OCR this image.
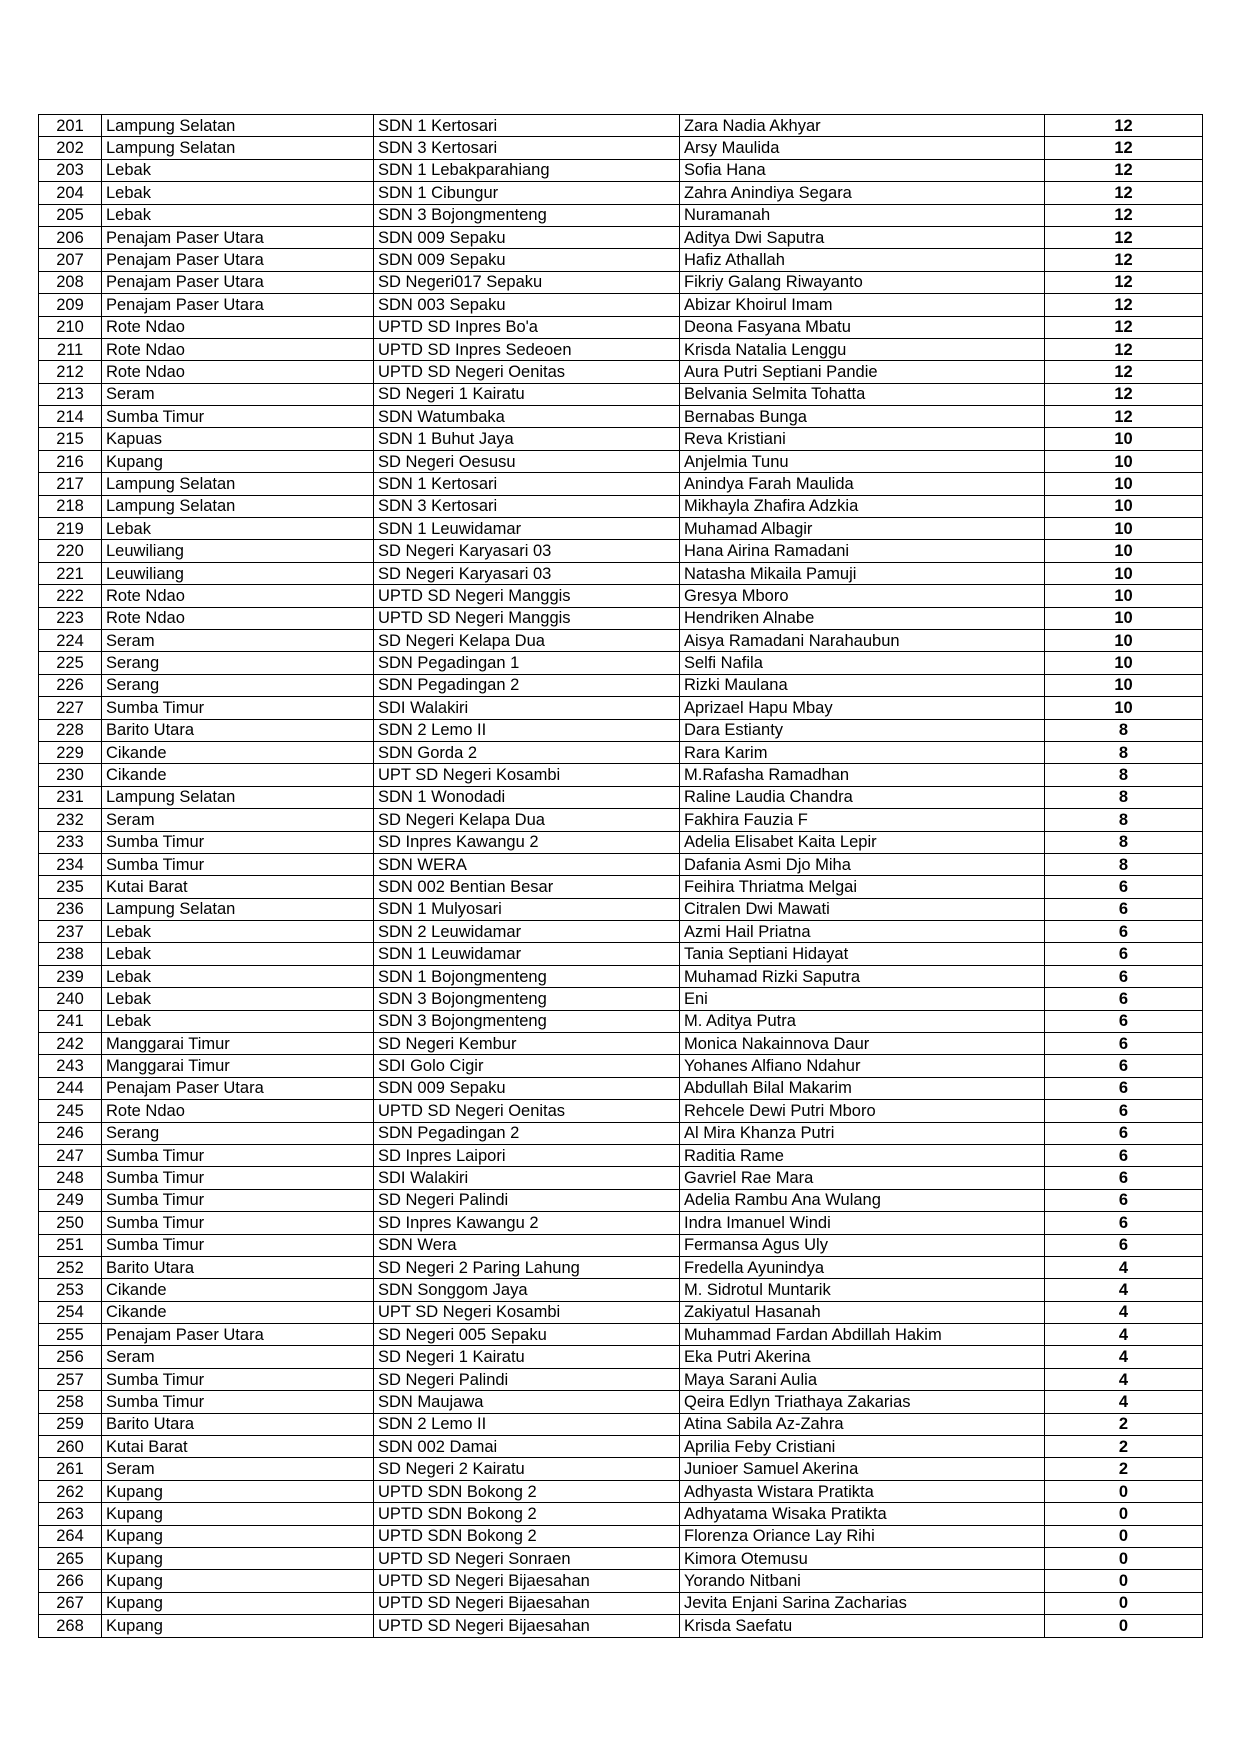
201	Lampung Selatan	SDN 1 Kertosari	Zara Nadia Akhyar	12
202	Lampung Selatan	SDN 3 Kertosari	Arsy Maulida	12
203	Lebak	SDN 1 Lebakparahiang	Sofia Hana	12
204	Lebak	SDN 1 Cibungur	Zahra Anindiya Segara	12
205	Lebak	SDN 3 Bojongmenteng	Nuramanah	12
206	Penajam Paser Utara	SDN 009 Sepaku	Aditya Dwi Saputra	12
207	Penajam Paser Utara	SDN 009 Sepaku	Hafiz Athallah	12
208	Penajam Paser Utara	SD Negeri017 Sepaku	Fikriy Galang Riwayanto	12
209	Penajam Paser Utara	SDN 003 Sepaku	Abizar Khoirul Imam	12
210	Rote Ndao	UPTD SD Inpres Bo'a	Deona Fasyana Mbatu	12
211	Rote Ndao	UPTD SD Inpres Sedeoen	Krisda Natalia Lenggu	12
212	Rote Ndao	UPTD SD Negeri Oenitas	Aura Putri Septiani Pandie	12
213	Seram	SD Negeri 1 Kairatu	Belvania Selmita Tohatta	12
214	Sumba Timur	SDN Watumbaka	Bernabas Bunga	12
215	Kapuas	SDN 1 Buhut Jaya	Reva Kristiani	10
216	Kupang	SD Negeri Oesusu	Anjelmia Tunu	10
217	Lampung Selatan	SDN 1 Kertosari	Anindya Farah Maulida	10
218	Lampung Selatan	SDN 3 Kertosari	Mikhayla Zhafira Adzkia	10
219	Lebak	SDN 1 Leuwidamar	Muhamad Albagir	10
220	Leuwiliang	SD Negeri Karyasari 03	Hana Airina Ramadani	10
221	Leuwiliang	SD Negeri Karyasari 03	Natasha Mikaila Pamuji	10
222	Rote Ndao	UPTD SD Negeri Manggis	Gresya Mboro	10
223	Rote Ndao	UPTD SD Negeri Manggis	Hendriken Alnabe	10
224	Seram	SD Negeri Kelapa Dua	Aisya Ramadani Narahaubun	10
225	Serang	SDN Pegadingan 1	Selfi Nafila	10
226	Serang	SDN Pegadingan 2	Rizki Maulana	10
227	Sumba Timur	SDI Walakiri	Aprizael Hapu Mbay	10
228	Barito Utara	SDN 2 Lemo II	Dara Estianty	8
229	Cikande	SDN Gorda 2	Rara Karim	8
230	Cikande	UPT SD Negeri Kosambi	M.Rafasha Ramadhan	8
231	Lampung Selatan	SDN 1 Wonodadi	Raline Laudia Chandra	8
232	Seram	SD Negeri Kelapa Dua	Fakhira Fauzia F	8
233	Sumba Timur	SD Inpres Kawangu 2	Adelia Elisabet Kaita Lepir	8
234	Sumba Timur	SDN WERA	Dafania Asmi Djo Miha	8
235	Kutai Barat	SDN 002 Bentian Besar	Feihira Thriatma Melgai	6
236	Lampung Selatan	SDN 1 Mulyosari	Citralen Dwi Mawati	6
237	Lebak	SDN 2 Leuwidamar	Azmi Hail Priatna	6
238	Lebak	SDN 1 Leuwidamar	Tania Septiani Hidayat	6
239	Lebak	SDN 1 Bojongmenteng	Muhamad Rizki Saputra	6
240	Lebak	SDN 3 Bojongmenteng	Eni	6
241	Lebak	SDN 3 Bojongmenteng	M. Aditya Putra	6
242	Manggarai Timur	SD Negeri Kembur	Monica Nakainnova Daur	6
243	Manggarai Timur	SDI Golo Cigir	Yohanes Alfiano Ndahur	6
244	Penajam Paser Utara	SDN 009 Sepaku	Abdullah Bilal Makarim	6
245	Rote Ndao	UPTD SD Negeri Oenitas	Rehcele Dewi Putri Mboro	6
246	Serang	SDN Pegadingan 2	Al Mira Khanza Putri	6
247	Sumba Timur	SD Inpres Laipori	Raditia Rame	6
248	Sumba Timur	SDI Walakiri	Gavriel Rae Mara	6
249	Sumba Timur	SD Negeri Palindi	Adelia Rambu Ana Wulang	6
250	Sumba Timur	SD Inpres Kawangu 2	Indra Imanuel Windi	6
251	Sumba Timur	SDN Wera	Fermansa Agus Uly	6
252	Barito Utara	SD Negeri 2 Paring Lahung	Fredella Ayunindya	4
253	Cikande	SDN Songgom Jaya	M. Sidrotul Muntarik	4
254	Cikande	UPT SD Negeri Kosambi	Zakiyatul Hasanah	4
255	Penajam Paser Utara	SD Negeri 005 Sepaku	Muhammad Fardan Abdillah Hakim	4
256	Seram	SD Negeri 1 Kairatu	Eka Putri Akerina	4
257	Sumba Timur	SD Negeri Palindi	Maya Sarani Aulia	4
258	Sumba Timur	SDN Maujawa	Qeira Edlyn Triathaya Zakarias	4
259	Barito Utara	SDN 2 Lemo II	Atina Sabila Az-Zahra	2
260	Kutai Barat	SDN 002 Damai	Aprilia Feby Cristiani	2
261	Seram	SD Negeri 2 Kairatu	Junioer Samuel Akerina	2
262	Kupang	UPTD SDN Bokong 2	Adhyasta Wistara Pratikta	0
263	Kupang	UPTD SDN Bokong 2	Adhyatama Wisaka Pratikta	0
264	Kupang	UPTD SDN Bokong 2	Florenza Oriance Lay Rihi	0
265	Kupang	UPTD SD Negeri Sonraen	Kimora Otemusu	0
266	Kupang	UPTD SD Negeri Bijaesahan	Yorando Nitbani	0
267	Kupang	UPTD SD Negeri Bijaesahan	Jevita Enjani Sarina Zacharias	0
268	Kupang	UPTD SD Negeri Bijaesahan	Krisda Saefatu	0
